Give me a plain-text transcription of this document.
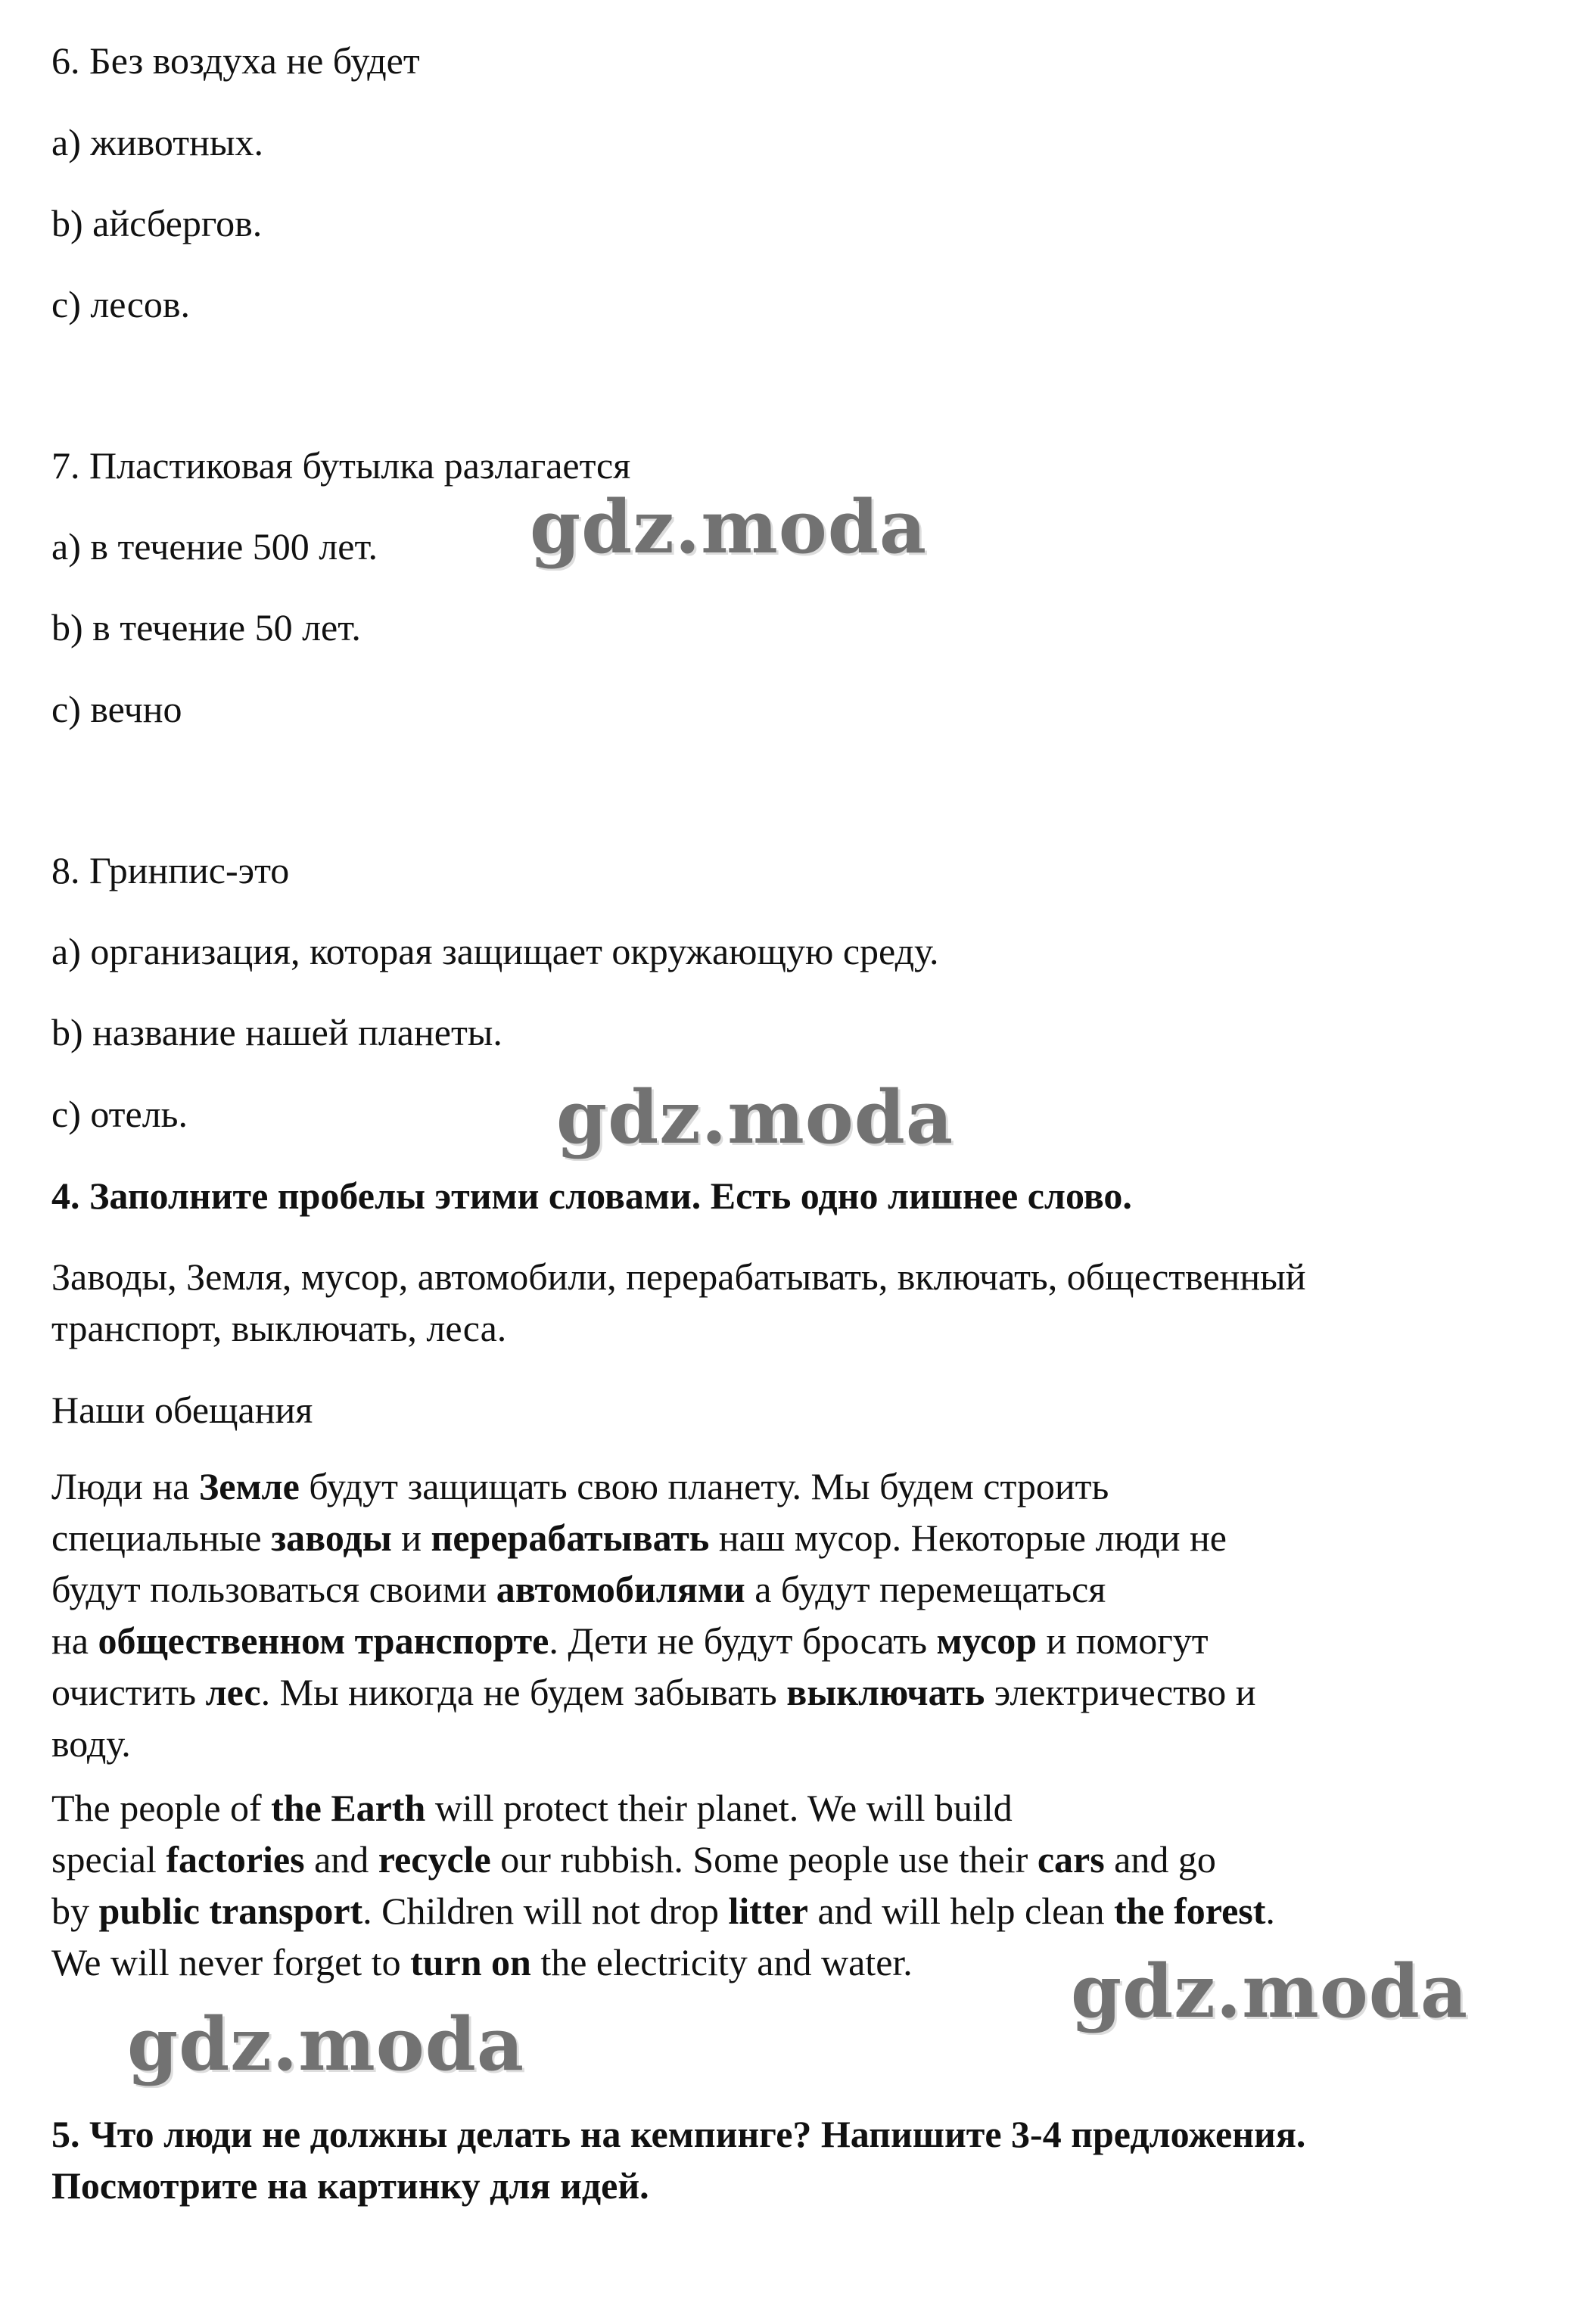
6. Без воздуха не будет
a) животных.
b) айсбергов.
c) лесов.
7. Пластиковая бутылка разлагается
a) в течение 500 лет.
b) в течение 50 лет.
c) вечно
8. Гринпис-это
a) организация, которая защищает окружающую среду.
b) название нашей планеты.
c) отель.
4. Заполните пробелы этими словами. Есть одно лишнее слово.
Заводы, Земля, мусор, автомобили, перерабатывать, включать, общественный
транспорт, выключать, леса.
Наши обещания
Люди на Земле будут защищать свою планету. Мы будем строить
специальные заводы и перерабатывать наш мусор. Некоторые люди не
будут пользоваться своими автомобилями а будут перемещаться
на общественном транспорте. Дети не будут бросать мусор и помогут
очистить лес. Мы никогда не будем забывать выключать электричество и
воду.
The people of the Earth will protect their planet. We will build
special factories and recycle our rubbish. Some people use their cars and go
by public transport. Children will not drop litter and will help clean the forest.
We will never forget to turn on the electricity and water.
5. Что люди не должны делать на кемпинге? Напишите 3-4 предложения.
Посмотрите на картинку для идей.
gdz.moda
gdz.moda
gdz.moda
gdz.moda
